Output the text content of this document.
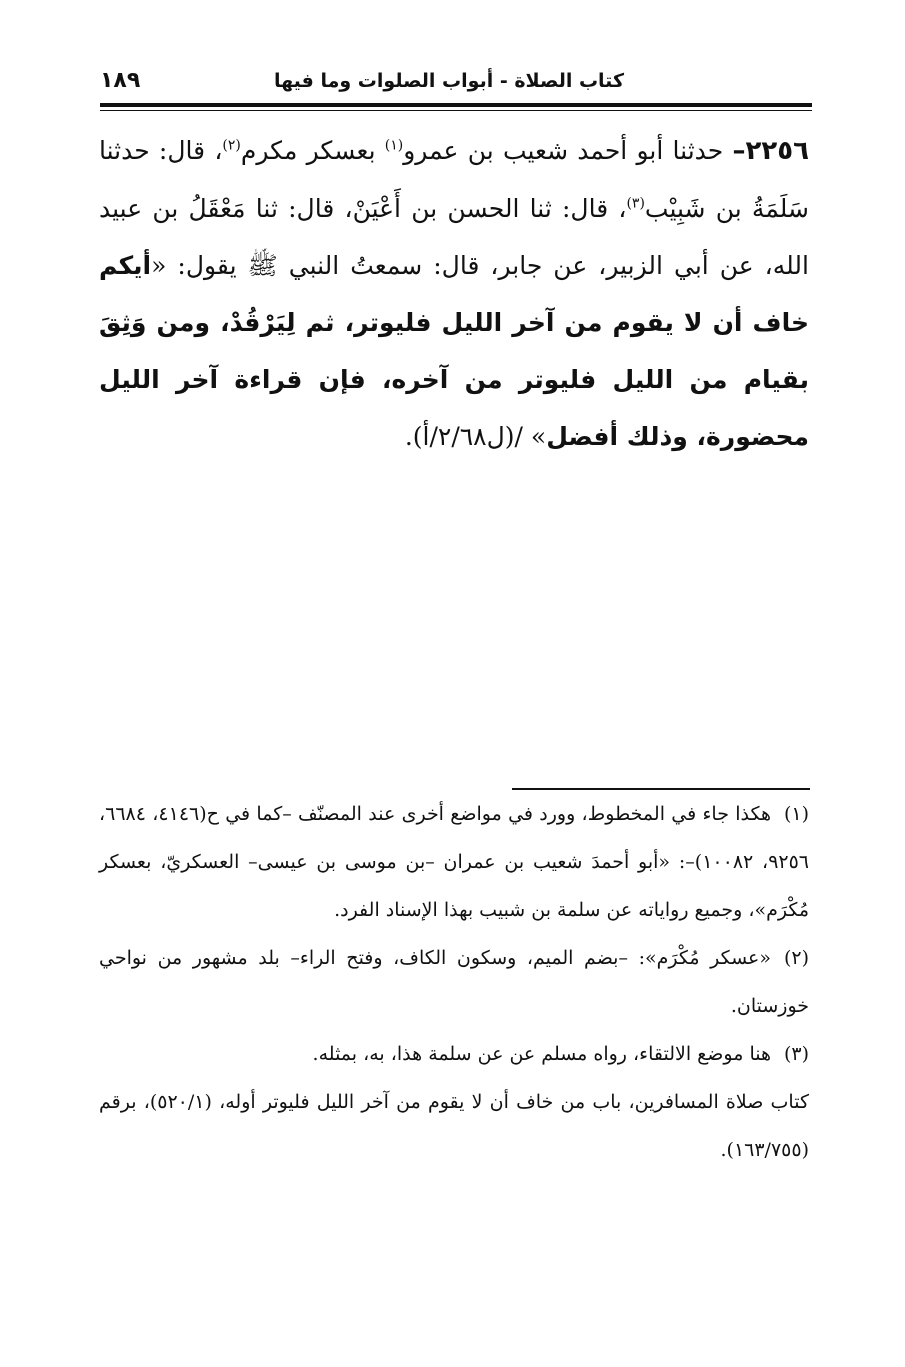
كتاب الصلاة - أبواب الصلوات وما فيها
١٨٩

٢٢٥٦– حدثنا أبو أحمد شعيب بن عمرو$^{(١)}$ بعسكر مكرم$^{(٢)}$، قال: حدثنا سَلَمَةُ بن شَبِيْب$^{(٣)}$، قال: ثنا الحسن بن أَعْيَنْ، قال: ثنا مَعْقَلُ بن عبيد الله، عن أبي الزبير، عن جابر، قال: سمعتُ النبي ﷺ يقول: «أيكم خاف أن لا يقوم من آخر الليل فليوتر، ثم لِيَرْقُدْ، ومن وَثِقَ بقيام من الليل فليوتر من آخره، فإن قراءة آخر الليل محضورة، وذلك أفضل» /(ل٢/٦٨/أ).

(١)هكذا جاء في المخطوط، وورد في مواضع أخرى عند المصنّف –كما في ح(٤١٤٦، ٦٦٨٤، ٩٢٥٦، ١٠٠٨٢)–: «أبو أحمدَ شعيب بن عمران –بن موسى بن عيسى– العسكريّ، بعسكر مُكْرَم»، وجميع رواياته عن سلمة بن شبيب بهذا الإسناد الفرد.

(٢)«عسكر مُكْرَم»: –بضم الميم، وسكون الكاف، وفتح الراء– بلد مشهور من نواحي خوزستان.

(٣)هنا موضع الالتقاء، رواه مسلم عن عن سلمة هذا، به، بمثله.

كتاب صلاة المسافرين، باب من خاف أن لا يقوم من آخر الليل فليوتر أوله، (٥٢٠/١)، برقم (١٦٣/٧٥٥).
